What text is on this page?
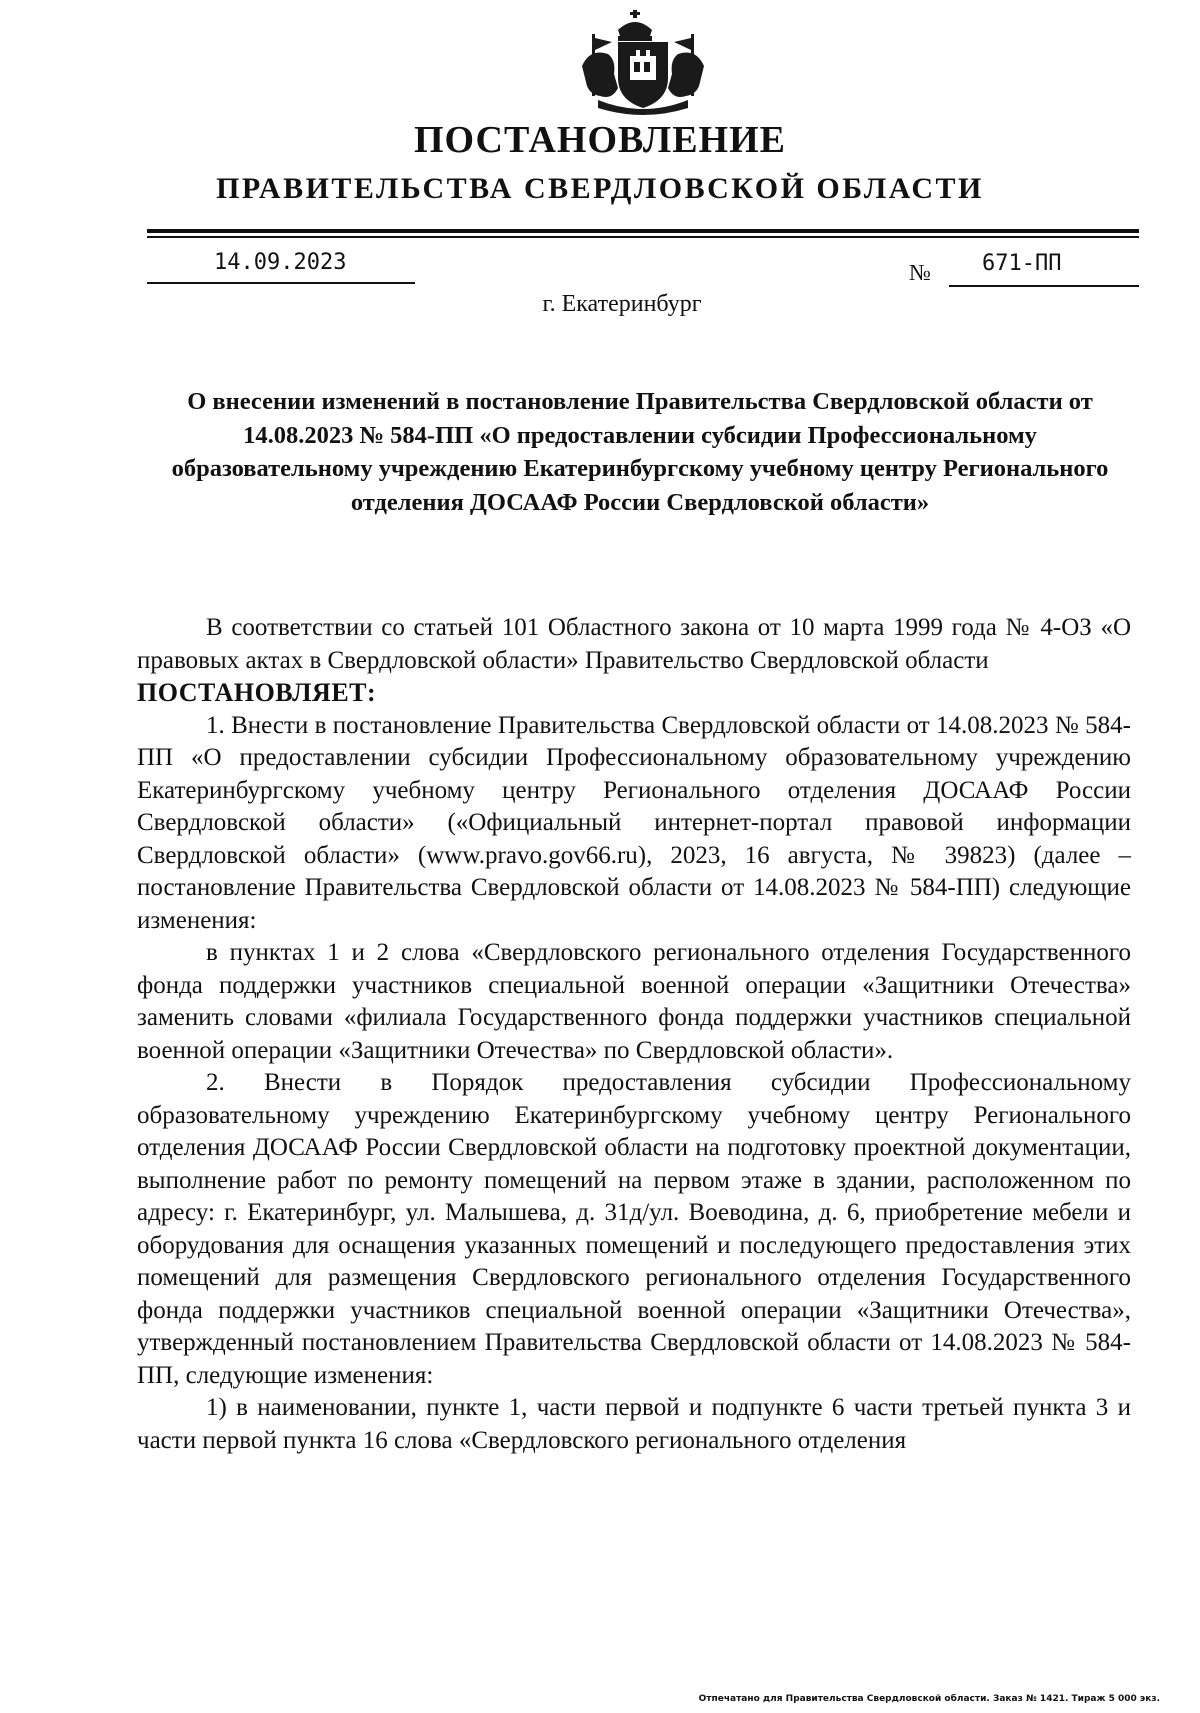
ПОСТАНОВЛЕНИЕ
ПРАВИТЕЛЬСТВА СВЕРДЛОВСКОЙ ОБЛАСТИ
14.09.2023	№ 671-ПП
г. Екатеринбург
О внесении изменений в постановление Правительства Свердловской области от 14.08.2023 № 584-ПП «О предоставлении субсидии Профессиональному образовательному учреждению Екатеринбургскому учебному центру Регионального отделения ДОСААФ России Свердловской области»

В соответствии со статьей 101 Областного закона от 10 марта 1999 года № 4-ОЗ «О правовых актах в Свердловской области» Правительство Свердловской области

ПОСТАНОВЛЯЕТ:

1. Внести в постановление Правительства Свердловской области от 14.08.2023 № 584-ПП «О предоставлении субсидии Профессиональному образовательному учреждению Екатеринбургскому учебному центру Регионального отделения ДОСААФ России Свердловской области» («Официальный интернет-портал правовой информации Свердловской области» (www.pravo.gov66.ru), 2023, 16 августа, № 39823) (далее – постановление Правительства Свердловской области от 14.08.2023 № 584-ПП) следующие изменения:

в пунктах 1 и 2 слова «Свердловского регионального отделения Государственного фонда поддержки участников специальной военной операции «Защитники Отечества» заменить словами «филиала Государственного фонда поддержки участников специальной военной операции «Защитники Отечества» по Свердловской области».

2. Внести в Порядок предоставления субсидии Профессиональному образовательному учреждению Екатеринбургскому учебному центру Регионального отделения ДОСААФ России Свердловской области на подготовку проектной документации, выполнение работ по ремонту помещений на первом этаже в здании, расположенном по адресу: г. Екатеринбург, ул. Малышева, д. 31д/ул. Воеводина, д. 6, приобретение мебели и оборудования для оснащения указанных помещений и последующего предоставления этих помещений для размещения Свердловского регионального отделения Государственного фонда поддержки участников специальной военной операции «Защитники Отечества», утвержденный постановлением Правительства Свердловской области от 14.08.2023 № 584-ПП, следующие изменения:

1) в наименовании, пункте 1, части первой и подпункте 6 части третьей пункта 3 и части первой пункта 16 слова «Свердловского регионального отделения

Отпечатано для Правительства Свердловской области. Заказ № 1421. Тираж 5 000 экз.
